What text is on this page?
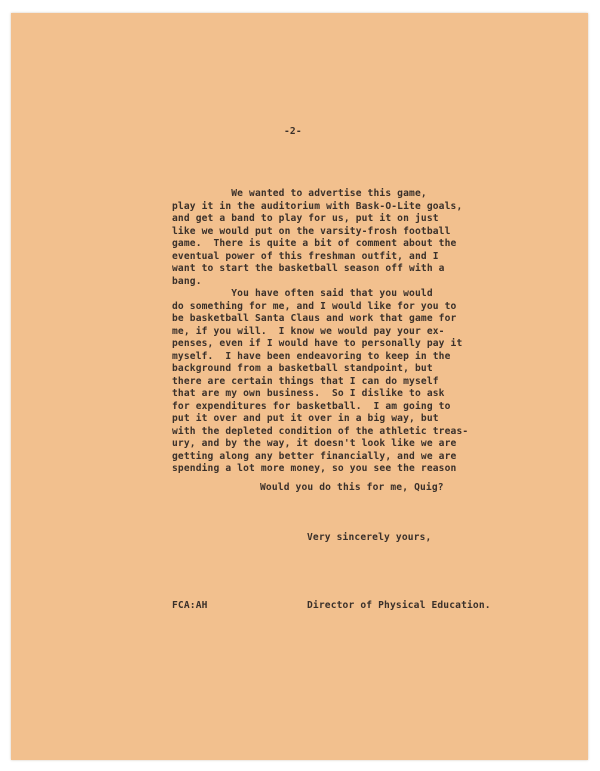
-2-

We wanted to advertise this game,

play it in the auditorium with Bask-O-Lite goals,

and get a band to play for us, put it on just

like we would put on the varsity-frosh football

game.  There is quite a bit of comment about the

eventual power of this freshman outfit, and I

want to start the basketball season off with a

bang.

You have often said that you would

do something for me, and I would like for you to

be basketball Santa Claus and work that game for

me, if you will.  I know we would pay your ex-

penses, even if I would have to personally pay it

myself.  I have been endeavoring to keep in the

background from a basketball standpoint, but

there are certain things that I can do myself

that are my own business.  So I dislike to ask

for expenditures for basketball.  I am going to

put it over and put it over in a big way, but

with the depleted condition of the athletic treas-

ury, and by the way, it doesn't look like we are

getting along any better financially, and we are

spending a lot more money, so you see the reason

Would you do this for me, Quig?

Very sincerely yours,

FCA:AH	Director of Physical Education.
